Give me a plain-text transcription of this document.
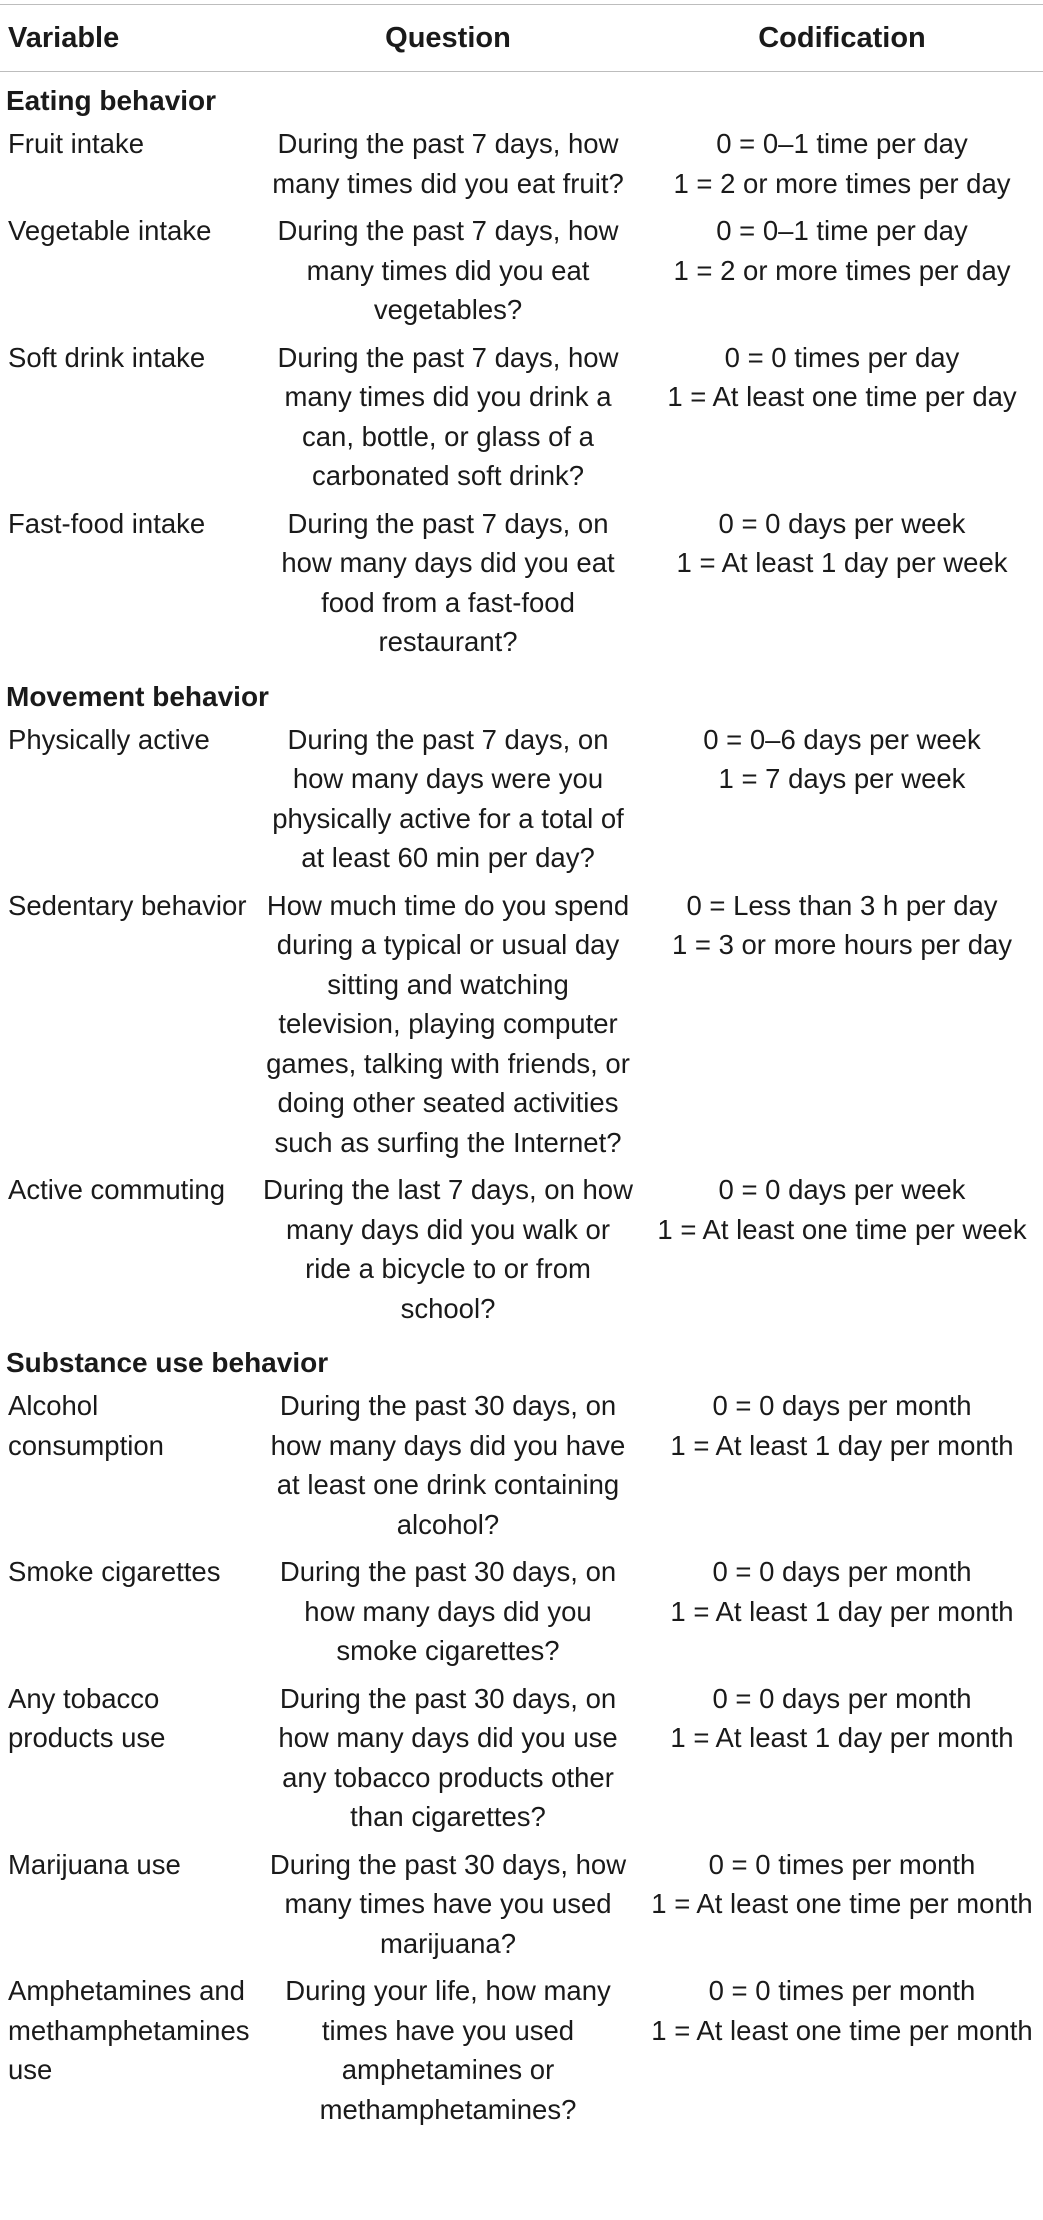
Variable	Question	Codification
Eating behavior		
Fruit intake	During the past 7 days, how many times did you eat fruit?	0 = 0–1 time per day
1 = 2 or more times per day

Vegetable intake	During the past 7 days, how many times did you eat vegetables?	0 = 0–1 time per day
1 = 2 or more times per day

Soft drink intake	During the past 7 days, how many times did you drink a can, bottle, or glass of a carbonated soft drink?	0 = 0 times per day
1 = At least one time per day

Fast-food intake	During the past 7 days, on how many days did you eat food from a fast-food restaurant?	0 = 0 days per week
1 = At least 1 day per week

Movement behavior		
Physically active	During the past 7 days, on how many days were you physically active for a total of at least 60 min per day?	0 = 0–6 days per week
1 = 7 days per week

Sedentary behavior	How much time do you spend during a typical or usual day sitting and watching television, playing computer games, talking with friends, or doing other seated activities such as surfing the Internet?	0 = Less than 3 h per day
1 = 3 or more hours per day

Active commuting	During the last 7 days, on how many days did you walk or ride a bicycle to or from school?	0 = 0 days per week
1 = At least one time per week

Substance use behavior		
Alcohol consumption	During the past 30 days, on how many days did you have at least one drink containing alcohol?	0 = 0 days per month
1 = At least 1 day per month

Smoke cigarettes	During the past 30 days, on how many days did you smoke cigarettes?	0 = 0 days per month
1 = At least 1 day per month

Any tobacco products use	During the past 30 days, on how many days did you use any tobacco products other than cigarettes?	0 = 0 days per month
1 = At least 1 day per month

Marijuana use	During the past 30 days, how many times have you used marijuana?	0 = 0 times per month
1 = At least one time per month

Amphetamines and methamphetamines use	During your life, how many times have you used amphetamines or methamphetamines?	0 = 0 times per month
1 = At least one time per month
